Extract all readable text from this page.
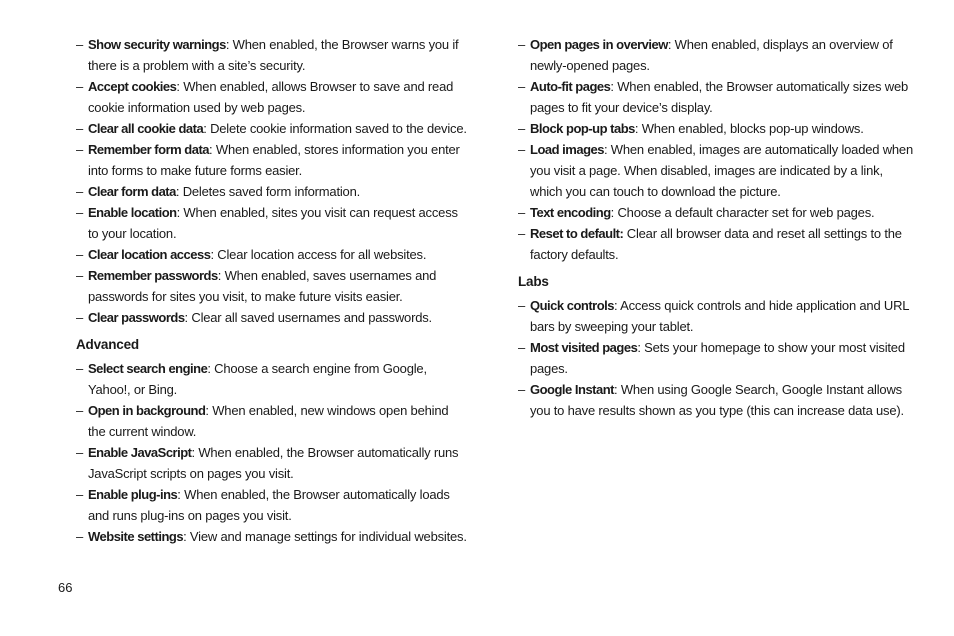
– Show security warnings: When enabled, the Browser warns you if there is a problem with a site’s security.

– Accept cookies: When enabled, allows Browser to save and read cookie information used by web pages.

– Clear all cookie data: Delete cookie information saved to the device.

– Remember form data: When enabled, stores information you enter into forms to make future forms easier.

– Clear form data: Deletes saved form information.

– Enable location: When enabled, sites you visit can request access to your location.

– Clear location access: Clear location access for all websites.

– Remember passwords: When enabled, saves usernames and passwords for sites you visit, to make future visits easier.

– Clear passwords: Clear all saved usernames and passwords.

Advanced

– Select search engine: Choose a search engine from Google, Yahoo!, or Bing.

– Open in background: When enabled, new windows open behind the current window.

– Enable JavaScript: When enabled, the Browser automatically runs JavaScript scripts on pages you visit.

– Enable plug-ins: When enabled, the Browser automatically loads and runs plug-ins on pages you visit.

– Website settings: View and manage settings for individual websites.

– Open pages in overview: When enabled, displays an overview of newly-opened pages.

– Auto-fit pages: When enabled, the Browser automatically sizes web pages to fit your device’s display.

– Block pop-up tabs: When enabled, blocks pop-up windows.

– Load images: When enabled, images are automatically loaded when you visit a page. When disabled, images are indicated by a link, which you can touch to download the picture.

– Text encoding: Choose a default character set for web pages.

– Reset to default: Clear all browser data and reset all settings to the factory defaults.

Labs

– Quick controls: Access quick controls and hide application and URL bars by sweeping your tablet.

– Most visited pages: Sets your homepage to show your most visited pages.

– Google Instant: When using Google Search, Google Instant allows you to have results shown as you type (this can increase data use).

66
